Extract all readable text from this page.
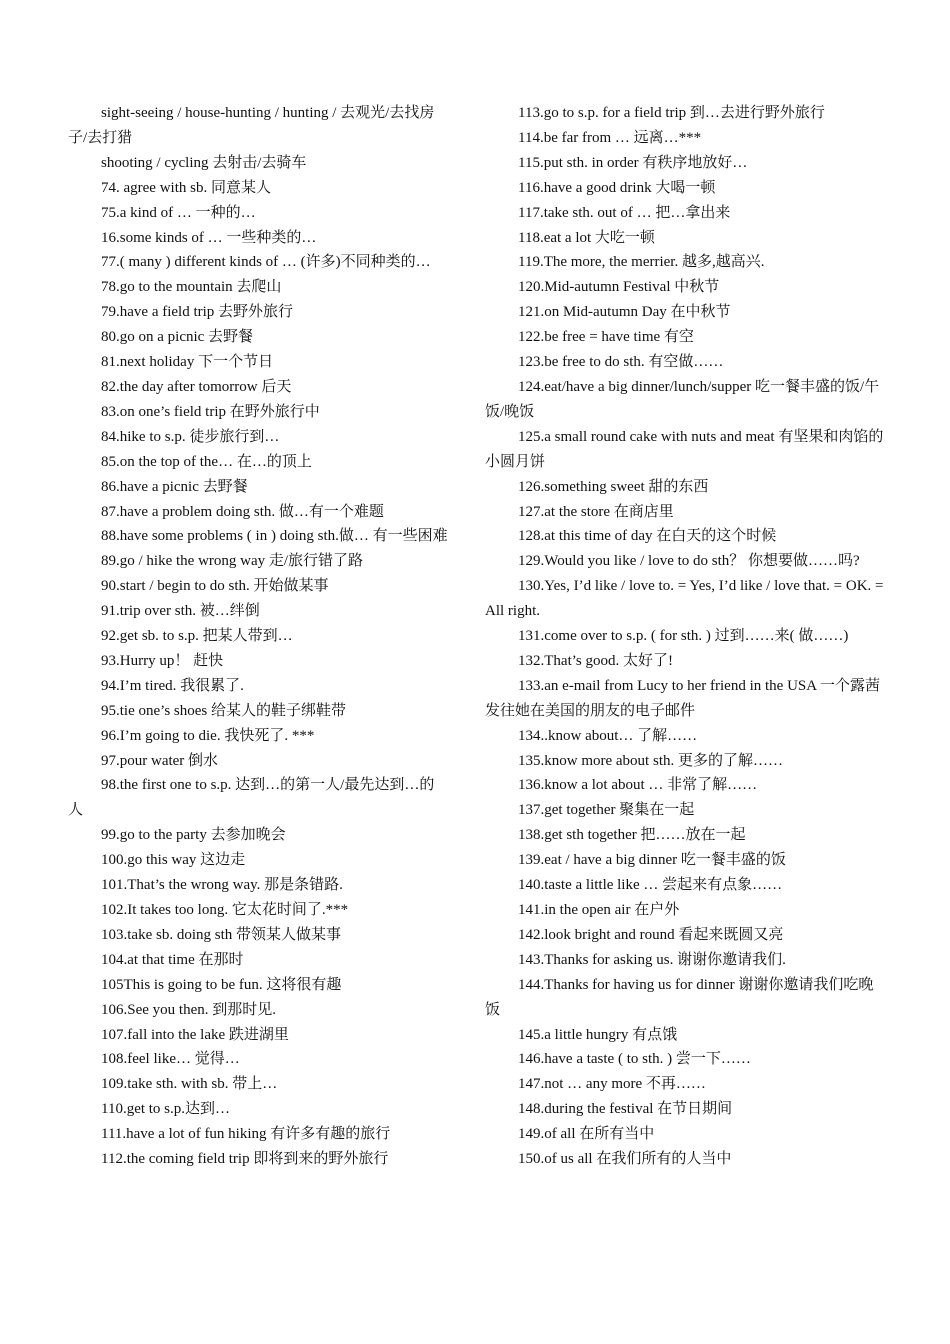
sight-seeing / house-hunting / hunting / 去观光/去找房子/去打猎

shooting / cycling 去射击/去骑车

74. agree with sb. 同意某人

75.a kind of … 一种的…

16.some kinds of … 一些种类的…

77.( many ) different kinds of … (许多)不同种类的…

78.go to the mountain 去爬山

79.have a field trip 去野外旅行

80.go on a picnic 去野餐

81.next holiday 下一个节日

82.the day after tomorrow 后天

83.on one’s field trip 在野外旅行中

84.hike to s.p. 徒步旅行到…

85.on the top of the… 在…的顶上

86.have a picnic 去野餐

87.have a problem doing sth. 做…有一个难题

88.have some problems ( in ) doing sth.做… 有一些困难

89.go / hike the wrong way 走/旅行错了路

90.start / begin to do sth. 开始做某事

91.trip over sth. 被…绊倒

92.get sb. to s.p. 把某人带到…

93.Hurry up！ 赶快

94.I’m tired. 我很累了.

95.tie one’s shoes 给某人的鞋子绑鞋带

96.I’m going to die. 我快死了. ***

97.pour water 倒水

98.the first one to s.p. 达到…的第一人/最先达到…的人

99.go to the party 去参加晚会

100.go this way 这边走

101.That’s the wrong way. 那是条错路.

102.It takes too long. 它太花时间了.***

103.take sb. doing sth 带领某人做某事

104.at that time 在那时

105This is going to be fun. 这将很有趣

106.See you then. 到那时见.

107.fall into the lake 跌进湖里

108.feel like… 觉得…

109.take sth. with sb. 带上…

110.get to s.p.达到…

111.have a lot of fun hiking 有许多有趣的旅行

112.the coming field trip 即将到来的野外旅行

113.go to s.p. for a field trip 到…去进行野外旅行

114.be far from … 远离…***

115.put sth. in order 有秩序地放好…

116.have a good drink 大喝一顿

117.take sth. out of … 把…拿出来

118.eat a lot 大吃一顿

119.The more, the merrier. 越多,越高兴.

120.Mid-autumn Festival 中秋节

121.on Mid-autumn Day 在中秋节

122.be free = have time 有空

123.be free to do sth. 有空做……

124.eat/have a big dinner/lunch/supper 吃一餐丰盛的饭/午饭/晚饭

125.a small round cake with nuts and meat 有坚果和肉馅的小圆月饼

126.something sweet 甜的东西

127.at the store 在商店里

128.at this time of day 在白天的这个时候

129.Would you like / love to do sth？ 你想要做……吗?

130.Yes, I’d like / love to. = Yes, I’d like / love that. = OK. = All right.

131.come over to s.p. ( for sth. ) 过到……来( 做……)

132.That’s good. 太好了!

133.an e-mail from Lucy to her friend in the USA 一个露茜发往她在美国的朋友的电子邮件

134..know about… 了解……

135.know more about sth. 更多的了解……

136.know a lot about … 非常了解……

137.get together 聚集在一起

138.get sth together 把……放在一起

139.eat / have a big dinner 吃一餐丰盛的饭

140.taste a little like … 尝起来有点象……

141.in the open air 在户外

142.look bright and round 看起来既圆又亮

143.Thanks for asking us. 谢谢你邀请我们.

144.Thanks for having us for dinner 谢谢你邀请我们吃晚饭

145.a little hungry 有点饿

146.have a taste ( to sth. ) 尝一下……

147.not … any more 不再……

148.during the festival 在节日期间

149.of all 在所有当中

150.of us all 在我们所有的人当中
